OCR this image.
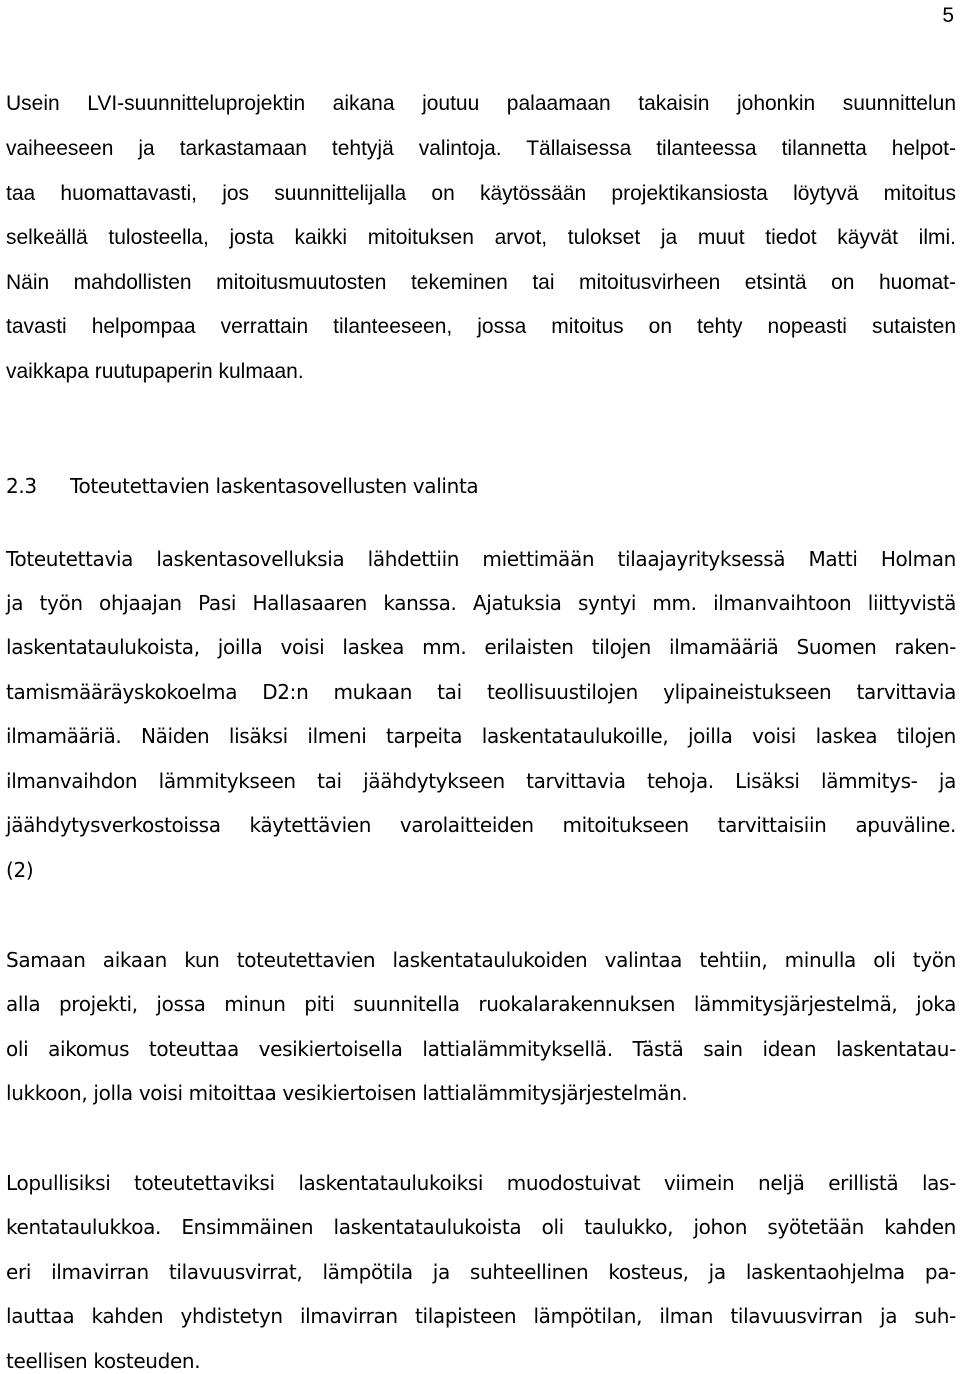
5
Usein LVI-suunnitteluprojektin aikana joutuu palaamaan takaisin johonkin suunnittelun
vaiheeseen ja tarkastamaan tehtyjä valintoja. Tällaisessa tilanteessa tilannetta helpot-
taa huomattavasti, jos suunnittelijalla on käytössään projektikansiosta löytyvä mitoitus
selkeällä tulosteella, josta kaikki mitoituksen arvot, tulokset ja muut tiedot käyvät ilmi.
Näin mahdollisten mitoitusmuutosten tekeminen tai mitoitusvirheen etsintä on huomat-
tavasti helpompaa verrattain tilanteeseen, jossa mitoitus on tehty nopeasti sutaisten
vaikkapa ruutupaperin kulmaan.
2.3 Toteutettavien laskentasovellusten valinta
Toteutettavia laskentasovelluksia lähdettiin miettimään tilaajayrityksessä Matti Holman
ja työn ohjaajan Pasi Hallasaaren kanssa. Ajatuksia syntyi mm. ilmanvaihtoon liittyvistä
laskentataulukoista, joilla voisi laskea mm. erilaisten tilojen ilmamääriä Suomen raken-
tamismääräyskokoelma D2:n mukaan tai teollisuustilojen ylipaineistukseen tarvittavia
ilmamääriä. Näiden lisäksi ilmeni tarpeita laskentataulukoille, joilla voisi laskea tilojen
ilmanvaihdon lämmitykseen tai jäähdytykseen tarvittavia tehoja. Lisäksi lämmitys- ja
jäähdytysverkostoissa käytettävien varolaitteiden mitoitukseen tarvittaisiin apuväline.
(2)
Samaan aikaan kun toteutettavien laskentataulukoiden valintaa tehtiin, minulla oli työn
alla projekti, jossa minun piti suunnitella ruokalarakennuksen lämmitysjärjestelmä, joka
oli aikomus toteuttaa vesikiertoisella lattialämmityksellä. Tästä sain idean laskentatau-
lukkoon, jolla voisi mitoittaa vesikiertoisen lattialämmitysjärjestelmän.
Lopullisiksi toteutettaviksi laskentataulukoiksi muodostuivat viimein neljä erillistä las-
kentataulukkoa. Ensimmäinen laskentataulukoista oli taulukko, johon syötetään kahden
eri ilmavirran tilavuusvirrat, lämpötila ja suhteellinen kosteus, ja laskentaohjelma pa-
lauttaa kahden yhdistetyn ilmavirran tilapisteen lämpötilan, ilman tilavuusvirran ja suh-
teellisen kosteuden.
